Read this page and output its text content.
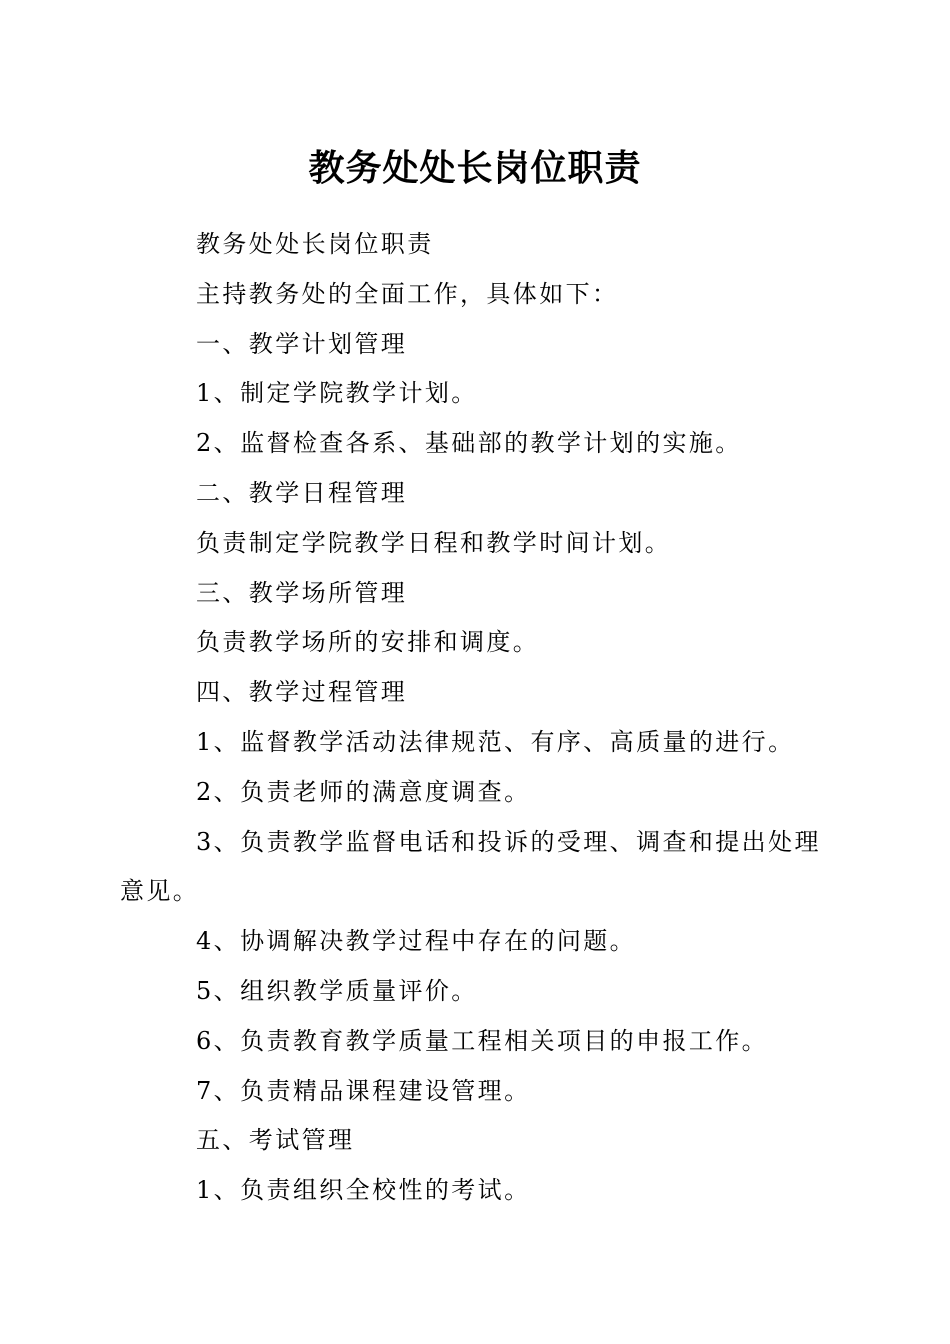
教务处处长岗位职责

教务处处长岗位职责

主持教务处的全面工作，具体如下：

一、教学计划管理

1、制定学院教学计划。

2、监督检查各系、基础部的教学计划的实施。

二、教学日程管理

负责制定学院教学日程和教学时间计划。

三、教学场所管理

负责教学场所的安排和调度。

四、教学过程管理

1、监督教学活动法律规范、有序、高质量的进行。

2、负责老师的满意度调查。

3、负责教学监督电话和投诉的受理、调查和提出处理意见。

4、协调解决教学过程中存在的问题。

5、组织教学质量评价。

6、负责教育教学质量工程相关项目的申报工作。

7、负责精品课程建设管理。

五、考试管理

1、负责组织全校性的考试。
